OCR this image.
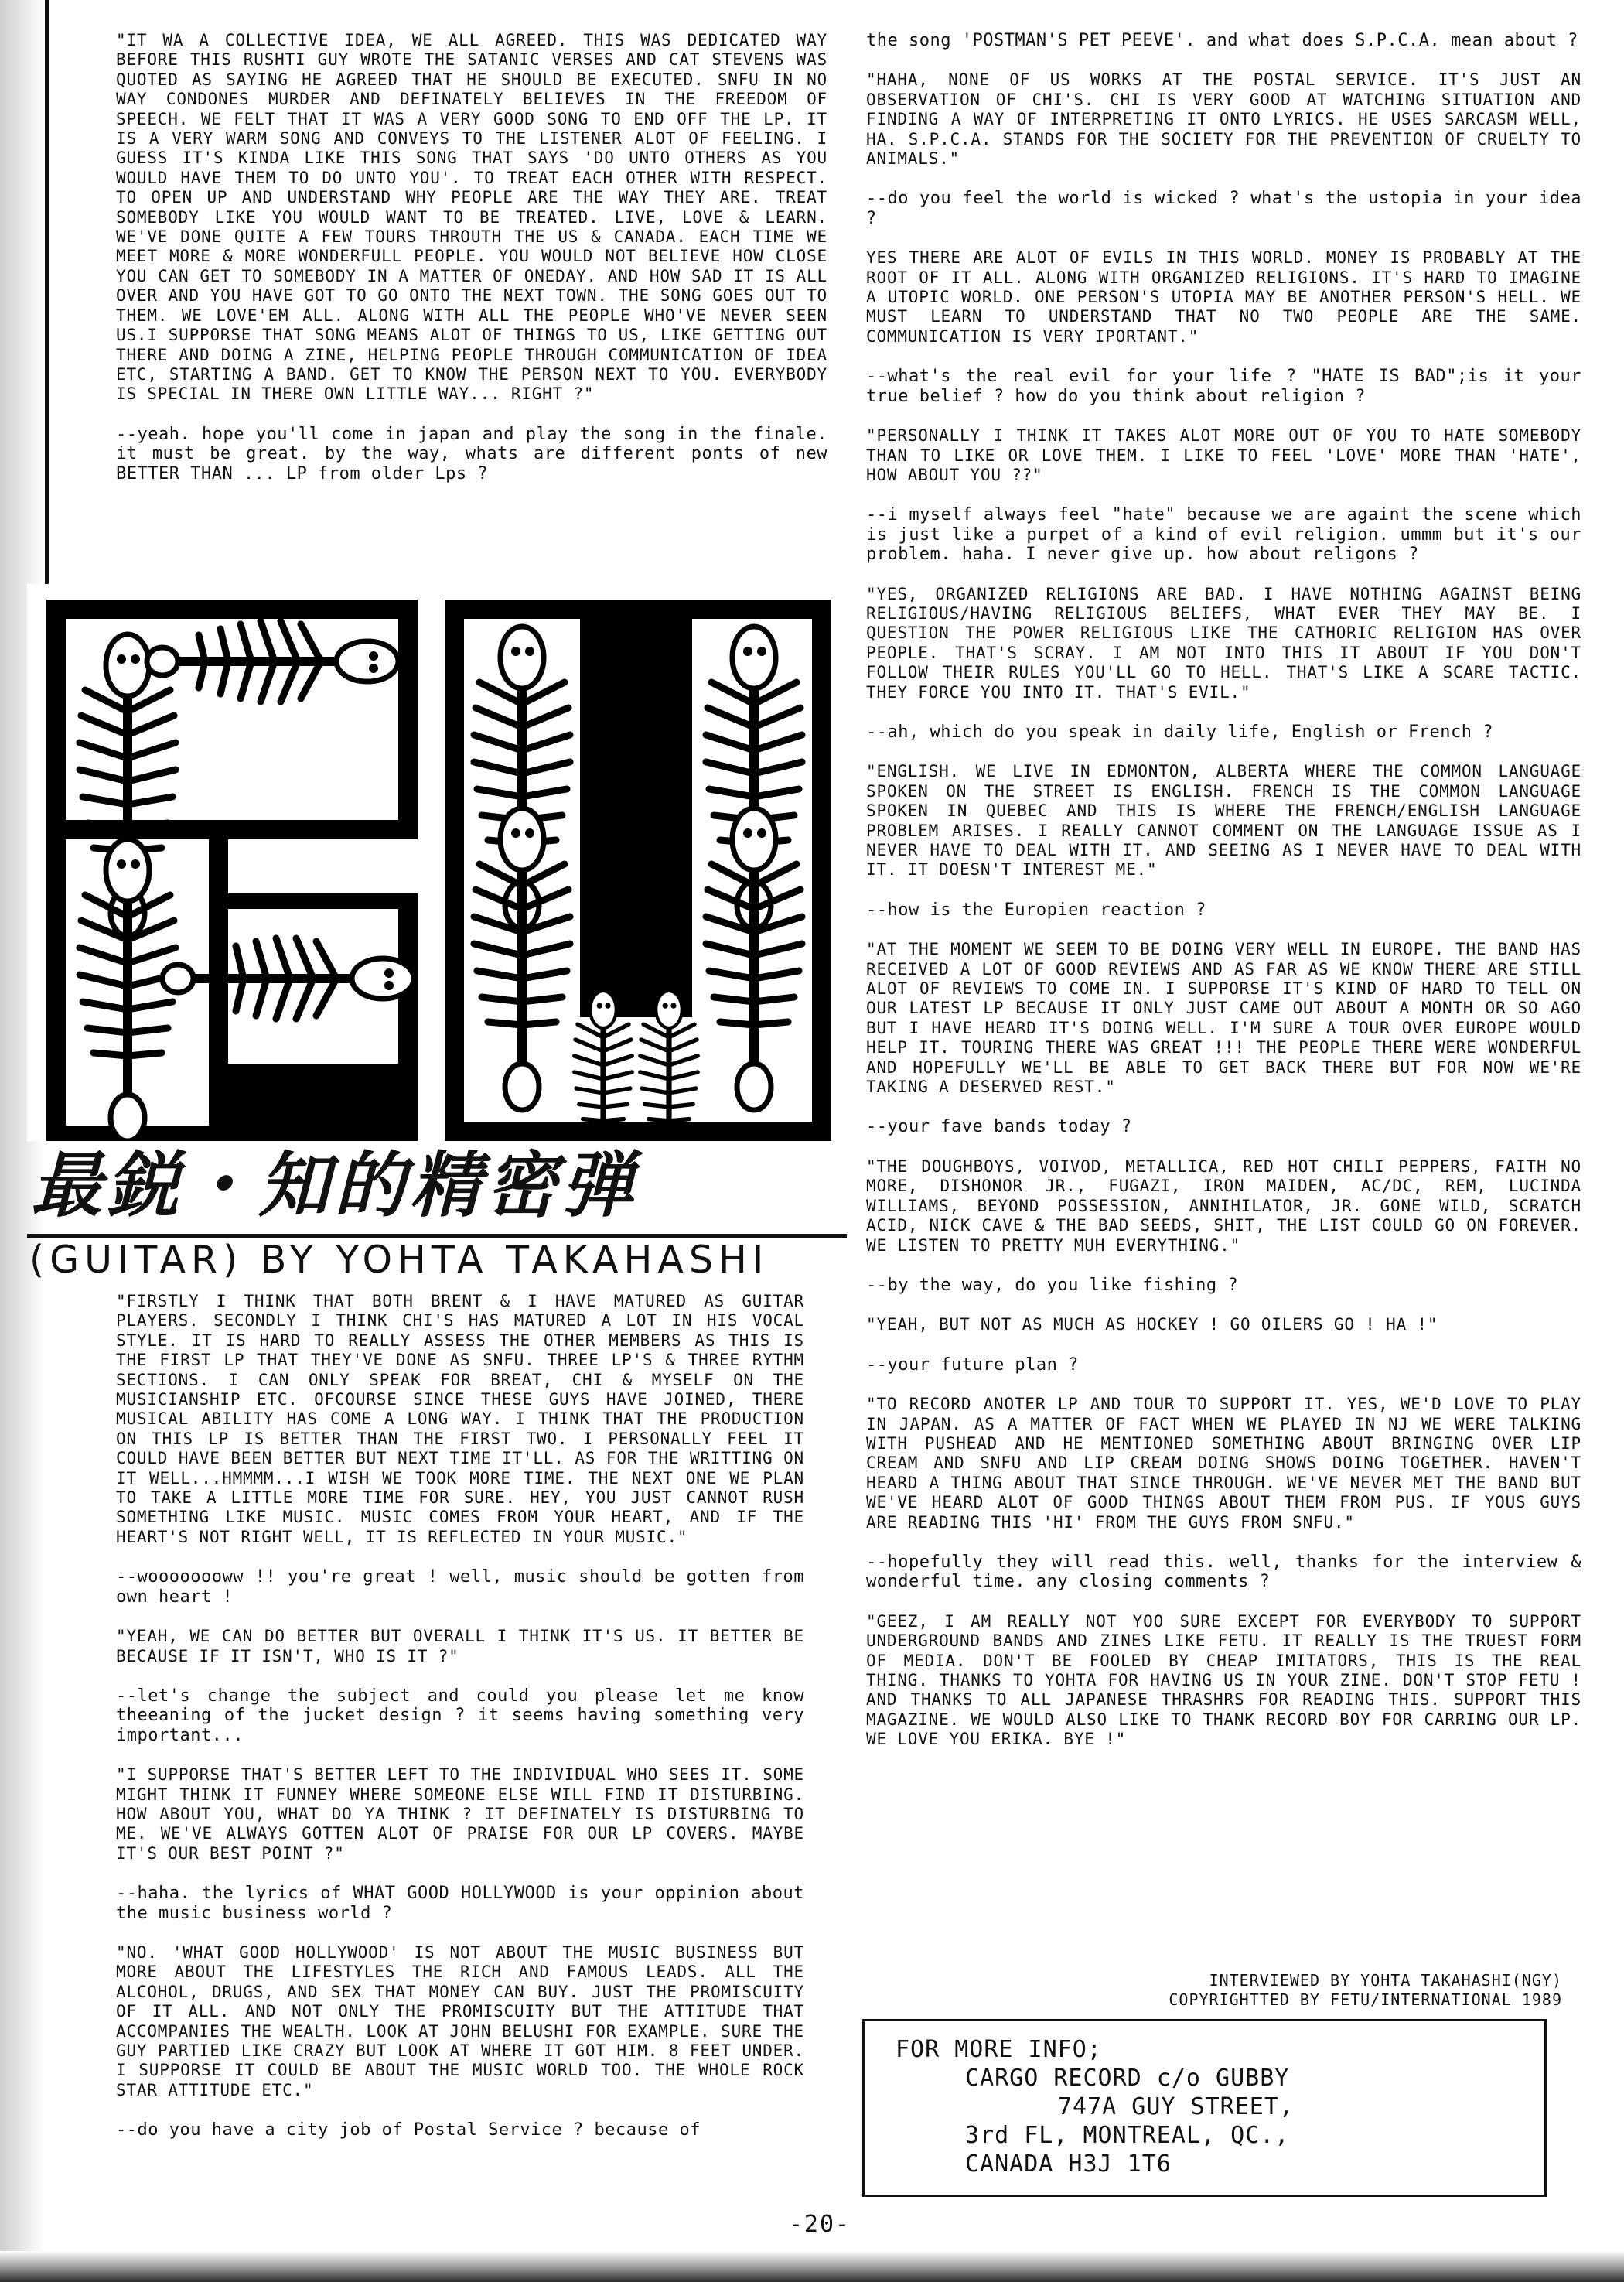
"IT WA A COLLECTIVE IDEA, WE ALL AGREED. THIS WAS DEDICATED WAY BEFORE THIS RUSHTI GUY WROTE THE SATANIC VERSES AND CAT STEVENS WAS QUOTED AS SAYING HE AGREED THAT HE SHOULD BE EXECUTED. SNFU IN NO WAY CONDONES MURDER AND DEFINATELY BELIEVES IN THE FREEDOM OF SPEECH. WE FELT THAT IT WAS A VERY GOOD SONG TO END OFF THE LP. IT IS A VERY WARM SONG AND CONVEYS TO THE LISTENER ALOT OF FEELING. I GUESS IT'S KINDA LIKE THIS SONG THAT SAYS 'DO UNTO OTHERS AS YOU WOULD HAVE THEM TO DO UNTO YOU'. TO TREAT EACH OTHER WITH RESPECT. TO OPEN UP AND UNDERSTAND WHY PEOPLE ARE THE WAY THEY ARE. TREAT SOMEBODY LIKE YOU WOULD WANT TO BE TREATED. LIVE, LOVE & LEARN. WE'VE DONE QUITE A FEW TOURS THROUTH THE US & CANADA. EACH TIME WE MEET MORE & MORE WONDERFULL PEOPLE. YOU WOULD NOT BELIEVE HOW CLOSE YOU CAN GET TO SOMEBODY IN A MATTER OF ONEDAY. AND HOW SAD IT IS ALL OVER AND YOU HAVE GOT TO GO ONTO THE NEXT TOWN. THE SONG GOES OUT TO THEM. WE LOVE'EM ALL. ALONG WITH ALL THE PEOPLE WHO'VE NEVER SEEN US.I SUPPORSE THAT SONG MEANS ALOT OF THINGS TO US, LIKE GETTING OUT THERE AND DOING A ZINE, HELPING PEOPLE THROUGH COMMUNICATION OF IDEA ETC, STARTING A BAND. GET TO KNOW THE PERSON NEXT TO YOU. EVERYBODY IS SPECIAL IN THERE OWN LITTLE WAY... RIGHT ?"

--yeah. hope you'll come in japan and play the song in the finale. it must be great. by the way, whats are different ponts of new BETTER THAN ... LP from older Lps ?

最鋭・知的精密弾
(GUITAR) BY YOHTA TAKAHASHI

"FIRSTLY I THINK THAT BOTH BRENT & I HAVE MATURED AS GUITAR PLAYERS. SECONDLY I THINK CHI'S HAS MATURED A LOT IN HIS VOCAL STYLE. IT IS HARD TO REALLY ASSESS THE OTHER MEMBERS AS THIS IS THE FIRST LP THAT THEY'VE DONE AS SNFU. THREE LP'S & THREE RYTHM SECTIONS. I CAN ONLY SPEAK FOR BREAT, CHI & MYSELF ON THE MUSICIANSHIP ETC. OFCOURSE SINCE THESE GUYS HAVE JOINED, THERE MUSICAL ABILITY HAS COME A LONG WAY. I THINK THAT THE PRODUCTION ON THIS LP IS BETTER THAN THE FIRST TWO. I PERSONALLY FEEL IT COULD HAVE BEEN BETTER BUT NEXT TIME IT'LL. AS FOR THE WRITTING ON IT WELL...HMMMM...I WISH WE TOOK MORE TIME. THE NEXT ONE WE PLAN TO TAKE A LITTLE MORE TIME FOR SURE. HEY, YOU JUST CANNOT RUSH SOMETHING LIKE MUSIC. MUSIC COMES FROM YOUR HEART, AND IF THE HEART'S NOT RIGHT WELL, IT IS REFLECTED IN YOUR MUSIC."

--woooooooww !! you're great ! well, music should be gotten from own heart !

"YEAH, WE CAN DO BETTER BUT OVERALL I THINK IT'S US. IT BETTER BE BECAUSE IF IT ISN'T, WHO IS IT ?"

--let's change the subject and could you please let me know theeaning of the jucket design ? it seems having something very important...

"I SUPPORSE THAT'S BETTER LEFT TO THE INDIVIDUAL WHO SEES IT. SOME MIGHT THINK IT FUNNEY WHERE SOMEONE ELSE WILL FIND IT DISTURBING. HOW ABOUT YOU, WHAT DO YA THINK ? IT DEFINATELY IS DISTURBING TO ME. WE'VE ALWAYS GOTTEN ALOT OF PRAISE FOR OUR LP COVERS. MAYBE IT'S OUR BEST POINT ?"

--haha. the lyrics of WHAT GOOD HOLLYWOOD is your oppinion about the music business world ?

"NO. 'WHAT GOOD HOLLYWOOD' IS NOT ABOUT THE MUSIC BUSINESS BUT MORE ABOUT THE LIFESTYLES THE RICH AND FAMOUS LEADS. ALL THE ALCOHOL, DRUGS, AND SEX THAT MONEY CAN BUY. JUST THE PROMISCUITY OF IT ALL. AND NOT ONLY THE PROMISCUITY BUT THE ATTITUDE THAT ACCOMPANIES THE WEALTH. LOOK AT JOHN BELUSHI FOR EXAMPLE. SURE THE GUY PARTIED LIKE CRAZY BUT LOOK AT WHERE IT GOT HIM. 8 FEET UNDER. I SUPPORSE IT COULD BE ABOUT THE MUSIC WORLD TOO. THE WHOLE ROCK STAR ATTITUDE ETC."

--do you have a city job of Postal Service ? because of

the song 'POSTMAN'S PET PEEVE'. and what does S.P.C.A. mean about ?

"HAHA, NONE OF US WORKS AT THE POSTAL SERVICE. IT'S JUST AN OBSERVATION OF CHI'S. CHI IS VERY GOOD AT WATCHING SITUATION AND FINDING A WAY OF INTERPRETING IT ONTO LYRICS. HE USES SARCASM WELL, HA. S.P.C.A. STANDS FOR THE SOCIETY FOR THE PREVENTION OF CRUELTY TO ANIMALS."

--do you feel the world is wicked ? what's the ustopia in your idea ?

YES THERE ARE ALOT OF EVILS IN THIS WORLD. MONEY IS PROBABLY AT THE ROOT OF IT ALL. ALONG WITH ORGANIZED RELIGIONS. IT'S HARD TO IMAGINE A UTOPIC WORLD. ONE PERSON'S UTOPIA MAY BE ANOTHER PERSON'S HELL. WE MUST LEARN TO UNDERSTAND THAT NO TWO PEOPLE ARE THE SAME. COMMUNICATION IS VERY IPORTANT."

--what's the real evil for your life ? "HATE IS BAD";is it your true belief ? how do you think about religion ?

"PERSONALLY I THINK IT TAKES ALOT MORE OUT OF YOU TO HATE SOMEBODY THAN TO LIKE OR LOVE THEM. I LIKE TO FEEL 'LOVE' MORE THAN 'HATE', HOW ABOUT YOU ??"

--i myself always feel "hate" because we are againt the scene which is just like a purpet of a kind of evil religion. ummm but it's our problem. haha. I never give up. how about religons ?

"YES, ORGANIZED RELIGIONS ARE BAD. I HAVE NOTHING AGAINST BEING RELIGIOUS/HAVING RELIGIOUS BELIEFS, WHAT EVER THEY MAY BE. I QUESTION THE POWER RELIGIOUS LIKE THE CATHORIC RELIGION HAS OVER PEOPLE. THAT'S SCRAY. I AM NOT INTO THIS IT ABOUT IF YOU DON'T FOLLOW THEIR RULES YOU'LL GO TO HELL. THAT'S LIKE A SCARE TACTIC. THEY FORCE YOU INTO IT. THAT'S EVIL."

--ah, which do you speak in daily life, English or French ?

"ENGLISH. WE LIVE IN EDMONTON, ALBERTA WHERE THE COMMON LANGUAGE SPOKEN ON THE STREET IS ENGLISH. FRENCH IS THE COMMON LANGUAGE SPOKEN IN QUEBEC AND THIS IS WHERE THE FRENCH/ENGLISH LANGUAGE PROBLEM ARISES. I REALLY CANNOT COMMENT ON THE LANGUAGE ISSUE AS I NEVER HAVE TO DEAL WITH IT. AND SEEING AS I NEVER HAVE TO DEAL WITH IT. IT DOESN'T INTEREST ME."

--how is the Europien reaction ?

"AT THE MOMENT WE SEEM TO BE DOING VERY WELL IN EUROPE. THE BAND HAS RECEIVED A LOT OF GOOD REVIEWS AND AS FAR AS WE KNOW THERE ARE STILL ALOT OF REVIEWS TO COME IN. I SUPPORSE IT'S KIND OF HARD TO TELL ON OUR LATEST LP BECAUSE IT ONLY JUST CAME OUT ABOUT A MONTH OR SO AGO BUT I HAVE HEARD IT'S DOING WELL. I'M SURE A TOUR OVER EUROPE WOULD HELP IT. TOURING THERE WAS GREAT !!! THE PEOPLE THERE WERE WONDERFUL AND HOPEFULLY WE'LL BE ABLE TO GET BACK THERE BUT FOR NOW WE'RE TAKING A DESERVED REST."

--your fave bands today ?

"THE DOUGHBOYS, VOIVOD, METALLICA, RED HOT CHILI PEPPERS, FAITH NO MORE, DISHONOR JR., FUGAZI, IRON MAIDEN, AC/DC, REM, LUCINDA WILLIAMS, BEYOND POSSESSION, ANNIHILATOR, JR. GONE WILD, SCRATCH ACID, NICK CAVE & THE BAD SEEDS, SHIT, THE LIST COULD GO ON FOREVER. WE LISTEN TO PRETTY MUH EVERYTHING."

--by the way, do you like fishing ?

"YEAH, BUT NOT AS MUCH AS HOCKEY ! GO OILERS GO ! HA !"

--your future plan ?

"TO RECORD ANOTER LP AND TOUR TO SUPPORT IT. YES, WE'D LOVE TO PLAY IN JAPAN. AS A MATTER OF FACT WHEN WE PLAYED IN NJ WE WERE TALKING WITH PUSHEAD AND HE MENTIONED SOMETHING ABOUT BRINGING OVER LIP CREAM AND SNFU AND LIP CREAM DOING SHOWS DOING TOGETHER. HAVEN'T HEARD A THING ABOUT THAT SINCE THROUGH. WE'VE NEVER MET THE BAND BUT WE'VE HEARD ALOT OF GOOD THINGS ABOUT THEM FROM PUS. IF YOUS GUYS ARE READING THIS 'HI' FROM THE GUYS FROM SNFU."

--hopefully they will read this. well, thanks for the interview & wonderful time. any closing comments ?

"GEEZ, I AM REALLY NOT YOO SURE EXCEPT FOR EVERYBODY TO SUPPORT UNDERGROUND BANDS AND ZINES LIKE FETU. IT REALLY IS THE TRUEST FORM OF MEDIA. DON'T BE FOOLED BY CHEAP IMITATORS, THIS IS THE REAL THING. THANKS TO YOHTA FOR HAVING US IN YOUR ZINE. DON'T STOP FETU ! AND THANKS TO ALL JAPANESE THRASHRS FOR READING THIS. SUPPORT THIS MAGAZINE. WE WOULD ALSO LIKE TO THANK RECORD BOY FOR CARRING OUR LP. WE LOVE YOU ERIKA. BYE !"

INTERVIEWED BY YOHTA TAKAHASHI(NGY)
COPYRIGHTTED BY FETU/INTERNATIONAL 1989
FOR MORE INFO;
CARGO RECORD c/o GUBBY
747A GUY STREET,
3rd FL, MONTREAL, QC.,
CANADA H3J 1T6
-20-
